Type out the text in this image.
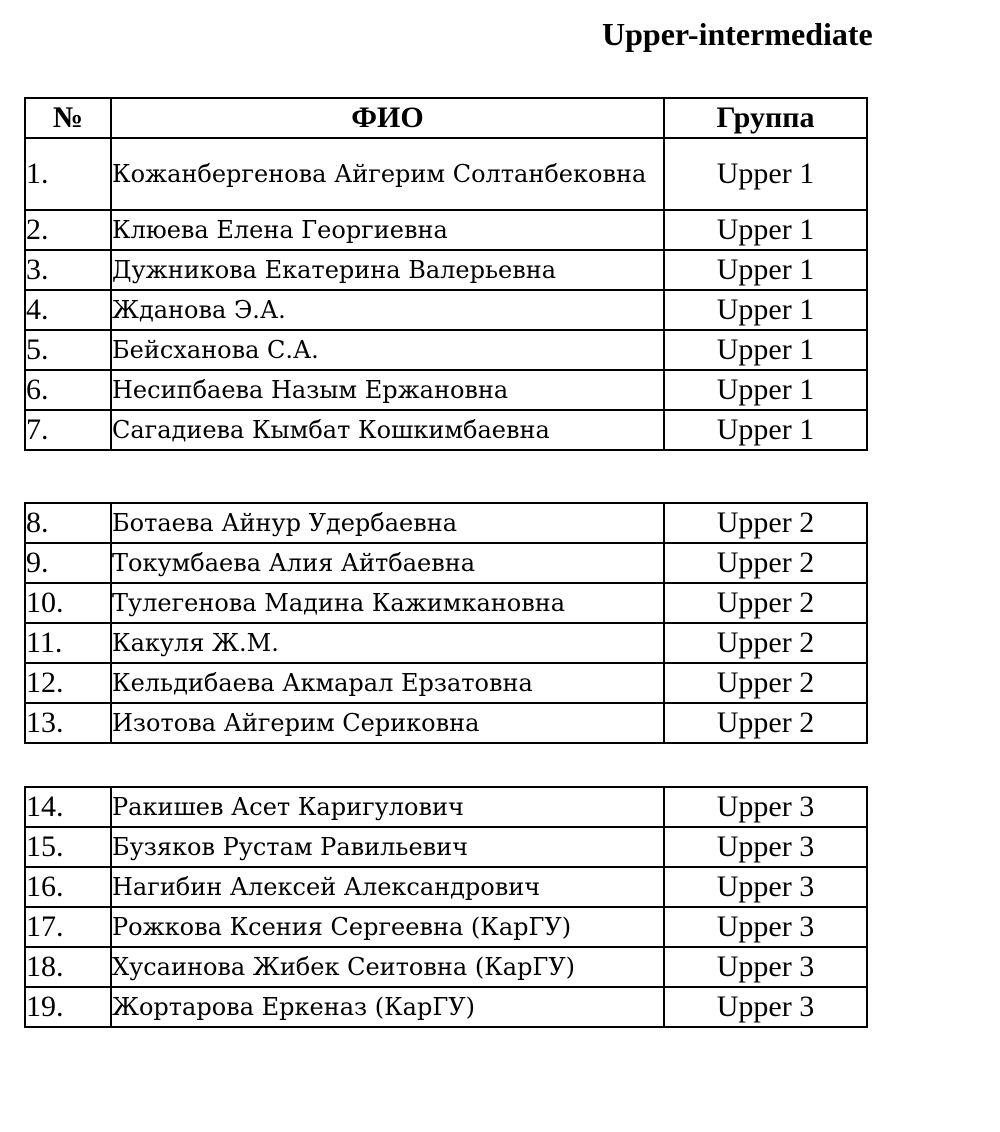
Upper-intermediate
№	ФИО	Группа
1.	Кожанбергенова Айгерим Солтанбековна	Upper 1
2.	Клюева Елена Георгиевна	Upper 1
3.	Дужникова Екатерина Валерьевна	Upper 1
4.	Жданова Э.А.	Upper 1
5.	Бейсханова С.А.	Upper 1
6.	Несипбаева Назым Ержановна	Upper 1
7.	Сагадиева Кымбат Кошкимбаевна	Upper 1
8.	Ботаева Айнур Удербаевна	Upper 2
9.	Токумбаева Алия Айтбаевна	Upper 2
10.	Тулегенова Мадина Кажимкановна	Upper 2
11.	Какуля Ж.М.	Upper 2
12.	Кельдибаева Акмарал Ерзатовна	Upper 2
13.	Изотова Айгерим Сериковна	Upper 2
14.	Ракишев Асет Каригулович	Upper 3
15.	Бузяков Рустам Равильевич	Upper 3
16.	Нагибин Алексей Александрович	Upper 3
17.	Рожкова Ксения Сергеевна (КарГУ)	Upper 3
18.	Хусаинова Жибек Сеитовна (КарГУ)	Upper 3
19.	Жортарова Еркеназ (КарГУ)	Upper 3
